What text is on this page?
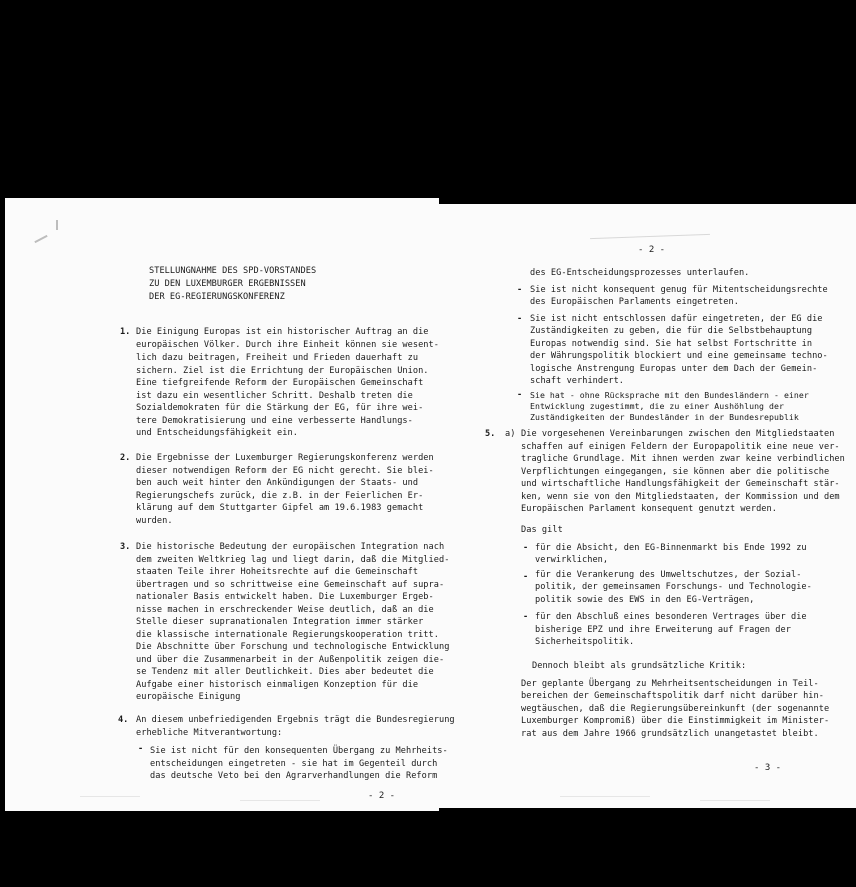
STELLUNGNAHME DES SPD-VORSTANDES
ZU DEN LUXEMBURGER ERGEBNISSEN
DER EG-REGIERUNGSKONFERENZ
1. Die Einigung Europas ist ein historischer Auftrag an die
europäischen Völker. Durch ihre Einheit können sie wesent-
lich dazu beitragen, Freiheit und Frieden dauerhaft zu
sichern. Ziel ist die Errichtung der Europäischen Union.
Eine tiefgreifende Reform der Europäischen Gemeinschaft
ist dazu ein wesentlicher Schritt. Deshalb treten die
Sozialdemokraten für die Stärkung der EG, für ihre wei-
tere Demokratisierung und eine verbesserte Handlungs-
und Entscheidungsfähigkeit ein.
2. Die Ergebnisse der Luxemburger Regierungskonferenz werden
dieser notwendigen Reform der EG nicht gerecht. Sie blei-
ben auch weit hinter den Ankündigungen der Staats- und
Regierungschefs zurück, die z.B. in der Feierlichen Er-
klärung auf dem Stuttgarter Gipfel am 19.6.1983 gemacht
wurden.
3. Die historische Bedeutung der europäischen Integration nach
dem zweiten Weltkrieg lag und liegt darin, daß die Mitglied-
staaten Teile ihrer Hoheitsrechte auf die Gemeinschaft
übertragen und so schrittweise eine Gemeinschaft auf supra-
nationaler Basis entwickelt haben. Die Luxemburger Ergeb-
nisse machen in erschreckender Weise deutlich, daß an die
Stelle dieser supranationalen Integration immer stärker
die klassische internationale Regierungskooperation tritt.
Die Abschnitte über Forschung und technologische Entwicklung
und über die Zusammenarbeit in der Außenpolitik zeigen die-
se Tendenz mit aller Deutlichkeit. Dies aber bedeutet die
Aufgabe einer historisch einmaligen Konzeption für die
europäische Einigung
4. An diesem unbefriedigenden Ergebnis trägt die Bundesregierung
erhebliche Mitverantwortung:
- Sie ist nicht für den konsequenten Übergang zu Mehrheits-
entscheidungen eingetreten - sie hat im Gegenteil durch
das deutsche Veto bei den Agrarverhandlungen die Reform
- 2 -
- 2 -
des EG-Entscheidungsprozesses unterlaufen.
- Sie ist nicht konsequent genug für Mitentscheidungsrechte
des Europäischen Parlaments eingetreten.
- Sie ist nicht entschlossen dafür eingetreten, der EG die
Zuständigkeiten zu geben, die für die Selbstbehauptung
Europas notwendig sind. Sie hat selbst Fortschritte in
der Währungspolitik blockiert und eine gemeinsame techno-
logische Anstrengung Europas unter dem Dach der Gemein-
schaft verhindert.
- Sie hat - ohne Rücksprache mit den Bundesländern - einer
Entwicklung zugestimmt, die zu einer Aushöhlung der
Zuständigkeiten der Bundesländer in der Bundesrepublik
5. a) Die vorgesehenen Vereinbarungen zwischen den Mitgliedstaaten
schaffen auf einigen Feldern der Europapolitik eine neue ver-
tragliche Grundlage. Mit ihnen werden zwar keine verbindlichen
Verpflichtungen eingegangen, sie können aber die politische
und wirtschaftliche Handlungsfähigkeit der Gemeinschaft stär-
ken, wenn sie von den Mitgliedstaaten, der Kommission und dem
Europäischen Parlament konsequent genutzt werden.
Das gilt
- für die Absicht, den EG-Binnenmarkt bis Ende 1992 zu
verwirklichen,
- für die Verankerung des Umweltschutzes, der Sozial-
politik, der gemeinsamen Forschungs- und Technologie-
politik sowie des EWS in den EG-Verträgen,
- für den Abschluß eines besonderen Vertrages über die
bisherige EPZ und ihre Erweiterung auf Fragen der
Sicherheitspolitik.
Dennoch bleibt als grundsätzliche Kritik:
Der geplante Übergang zu Mehrheitsentscheidungen in Teil-
bereichen der Gemeinschaftspolitik darf nicht darüber hin-
wegtäuschen, daß die Regierungsübereinkunft (der sogenannte
Luxemburger Kompromiß) über die Einstimmigkeit im Minister-
rat aus dem Jahre 1966 grundsätzlich unangetastet bleibt.
- 3 -
